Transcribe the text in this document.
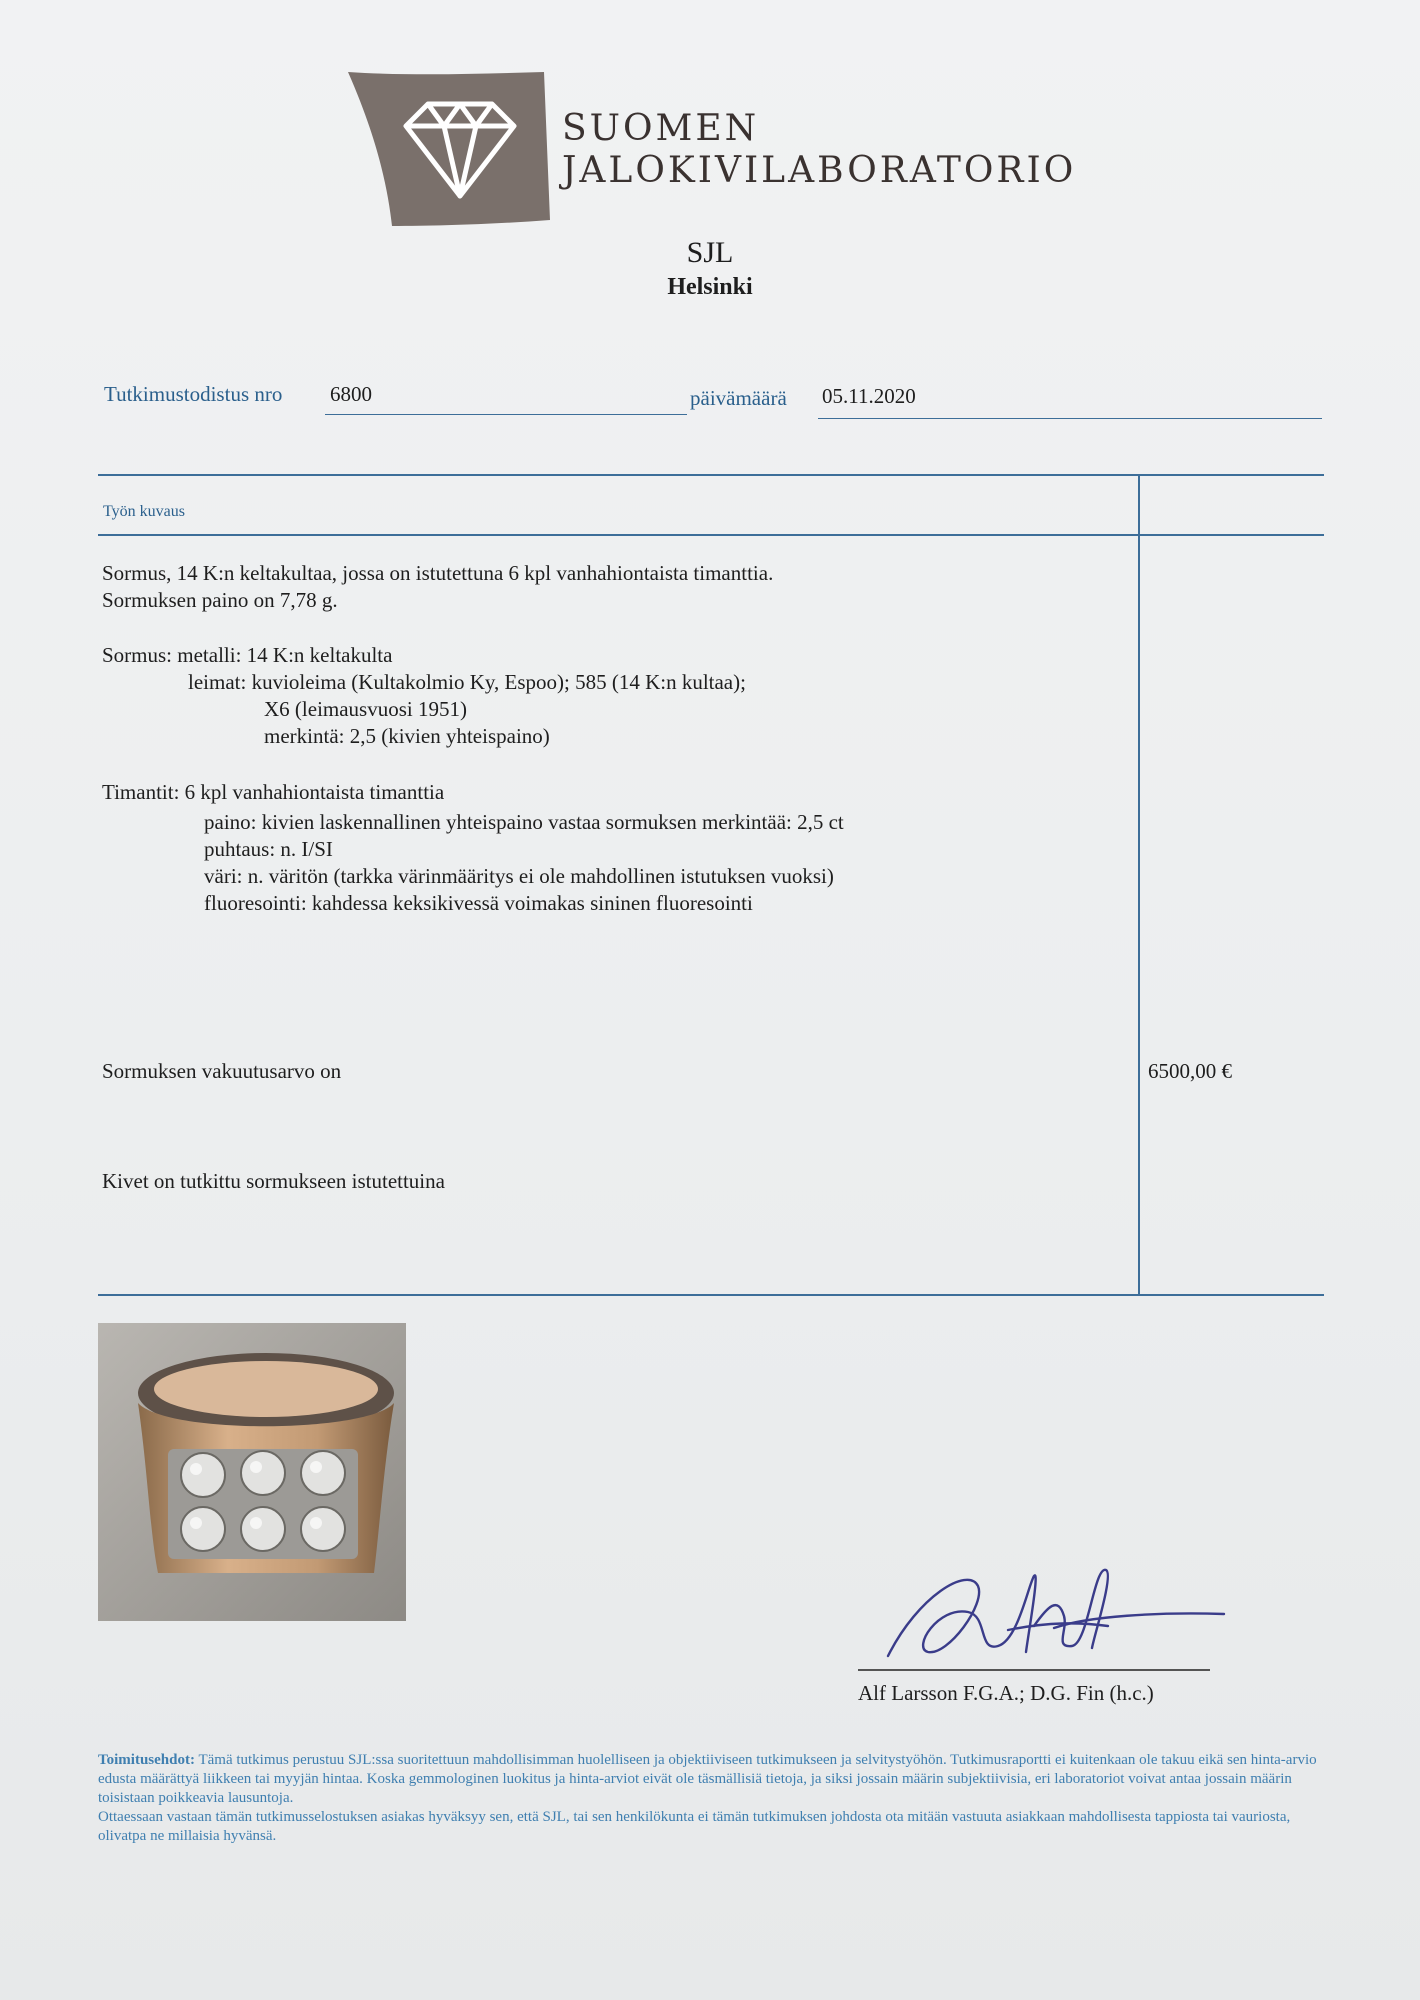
SUOMEN
JALOKIVILABORATORIO
SJL
Helsinki
Tutkimustodistus nro 6800	päivämäärä 05.11.2020
Työn kuvaus
Sormus, 14 K:n keltakultaa, jossa on istutettuna 6 kpl vanhahiontaista timanttia.
Sormuksen paino on 7,78 g.
Sormus: metalli: 14 K:n keltakulta
leimat: kuvioleima (Kultakolmio Ky, Espoo); 585 (14 K:n kultaa);
X6 (leimausvuosi 1951)
merkintä: 2,5 (kivien yhteispaino)
Timantit: 6 kpl vanhahiontaista timanttia
paino: kivien laskennallinen yhteispaino vastaa sormuksen merkintää: 2,5 ct
puhtaus: n. I/SI
väri: n. väritön (tarkka värinmääritys ei ole mahdollinen istutuksen vuoksi)
fluoresointi: kahdessa keksikivessä voimakas sininen fluoresointi
Sormuksen vakuutusarvo on	6500,00 €
Kivet on tutkittu sormukseen istutettuina
Alf Larsson F.G.A.; D.G. Fin (h.c.)
Toimitusehdot: Tämä tutkimus perustuu SJL:ssa suoritettuun mahdollisimman huolelliseen ja objektiiviseen tutkimukseen ja selvitystyöhön. Tutkimusraportti ei kuitenkaan ole takuu eikä sen hinta-arvio edusta määrättyä liikkeen tai myyjän hintaa. Koska gemmologinen luokitus ja hinta-arviot eivät ole täsmällisiä tietoja, ja siksi jossain määrin subjektiivisia, eri laboratoriot voivat antaa jossain määrin toisistaan poikkeavia lausuntoja.
Ottaessaan vastaan tämän tutkimusselostuksen asiakas hyväksyy sen, että SJL, tai sen henkilökunta ei tämän tutkimuksen johdosta ota mitään vastuuta asiakkaan mahdollisesta tappiosta tai vauriosta, olivatpa ne millaisia hyvänsä.
